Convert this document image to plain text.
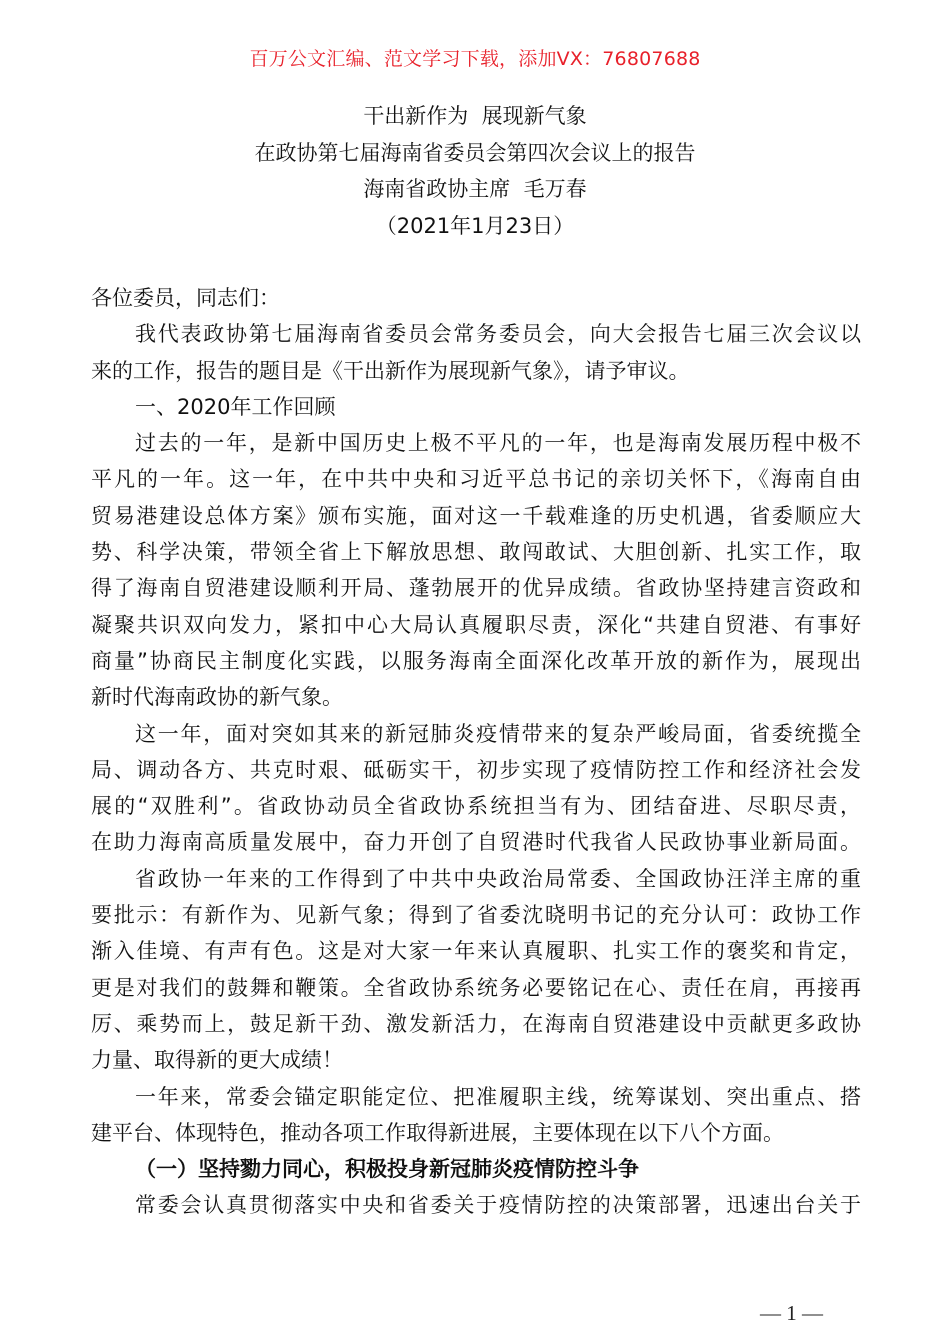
百万公文汇编、范文学习下载，添加VX：76807688
干出新作为  展现新气象
在政协第七届海南省委员会第四次会议上的报告
海南省政协主席  毛万春
（2021年1月23日）
各位委员，同志们：
我代表政协第七届海南省委员会常务委员会，向大会报告七届三次会议以
来的工作，报告的题目是《干出新作为展现新气象》，请予审议。
一、2020年工作回顾
过去的一年，是新中国历史上极不平凡的一年，也是海南发展历程中极不
平凡的一年。这一年，在中共中央和习近平总书记的亲切关怀下，《海南自由
贸易港建设总体方案》颁布实施，面对这一千载难逢的历史机遇，省委顺应大
势、科学决策，带领全省上下解放思想、敢闯敢试、大胆创新、扎实工作，取
得了海南自贸港建设顺利开局、蓬勃展开的优异成绩。省政协坚持建言资政和
凝聚共识双向发力，紧扣中心大局认真履职尽责，深化“共建自贸港、有事好
商量”协商民主制度化实践，以服务海南全面深化改革开放的新作为，展现出
新时代海南政协的新气象。
这一年，面对突如其来的新冠肺炎疫情带来的复杂严峻局面，省委统揽全
局、调动各方、共克时艰、砥砺实干，初步实现了疫情防控工作和经济社会发
展的“双胜利”。省政协动员全省政协系统担当有为、团结奋进、尽职尽责，
在助力海南高质量发展中，奋力开创了自贸港时代我省人民政协事业新局面。
省政协一年来的工作得到了中共中央政治局常委、全国政协汪洋主席的重
要批示：有新作为、见新气象；得到了省委沈晓明书记的充分认可：政协工作
渐入佳境、有声有色。这是对大家一年来认真履职、扎实工作的褒奖和肯定，
更是对我们的鼓舞和鞭策。全省政协系统务必要铭记在心、责任在肩，再接再
厉、乘势而上，鼓足新干劲、激发新活力，在海南自贸港建设中贡献更多政协
力量、取得新的更大成绩！
一年来，常委会锚定职能定位、把准履职主线，统筹谋划、突出重点、搭
建平台、体现特色，推动各项工作取得新进展，主要体现在以下八个方面。
（一）坚持勠力同心，积极投身新冠肺炎疫情防控斗争
常委会认真贯彻落实中央和省委关于疫情防控的决策部署，迅速出台关于
— 1 —
